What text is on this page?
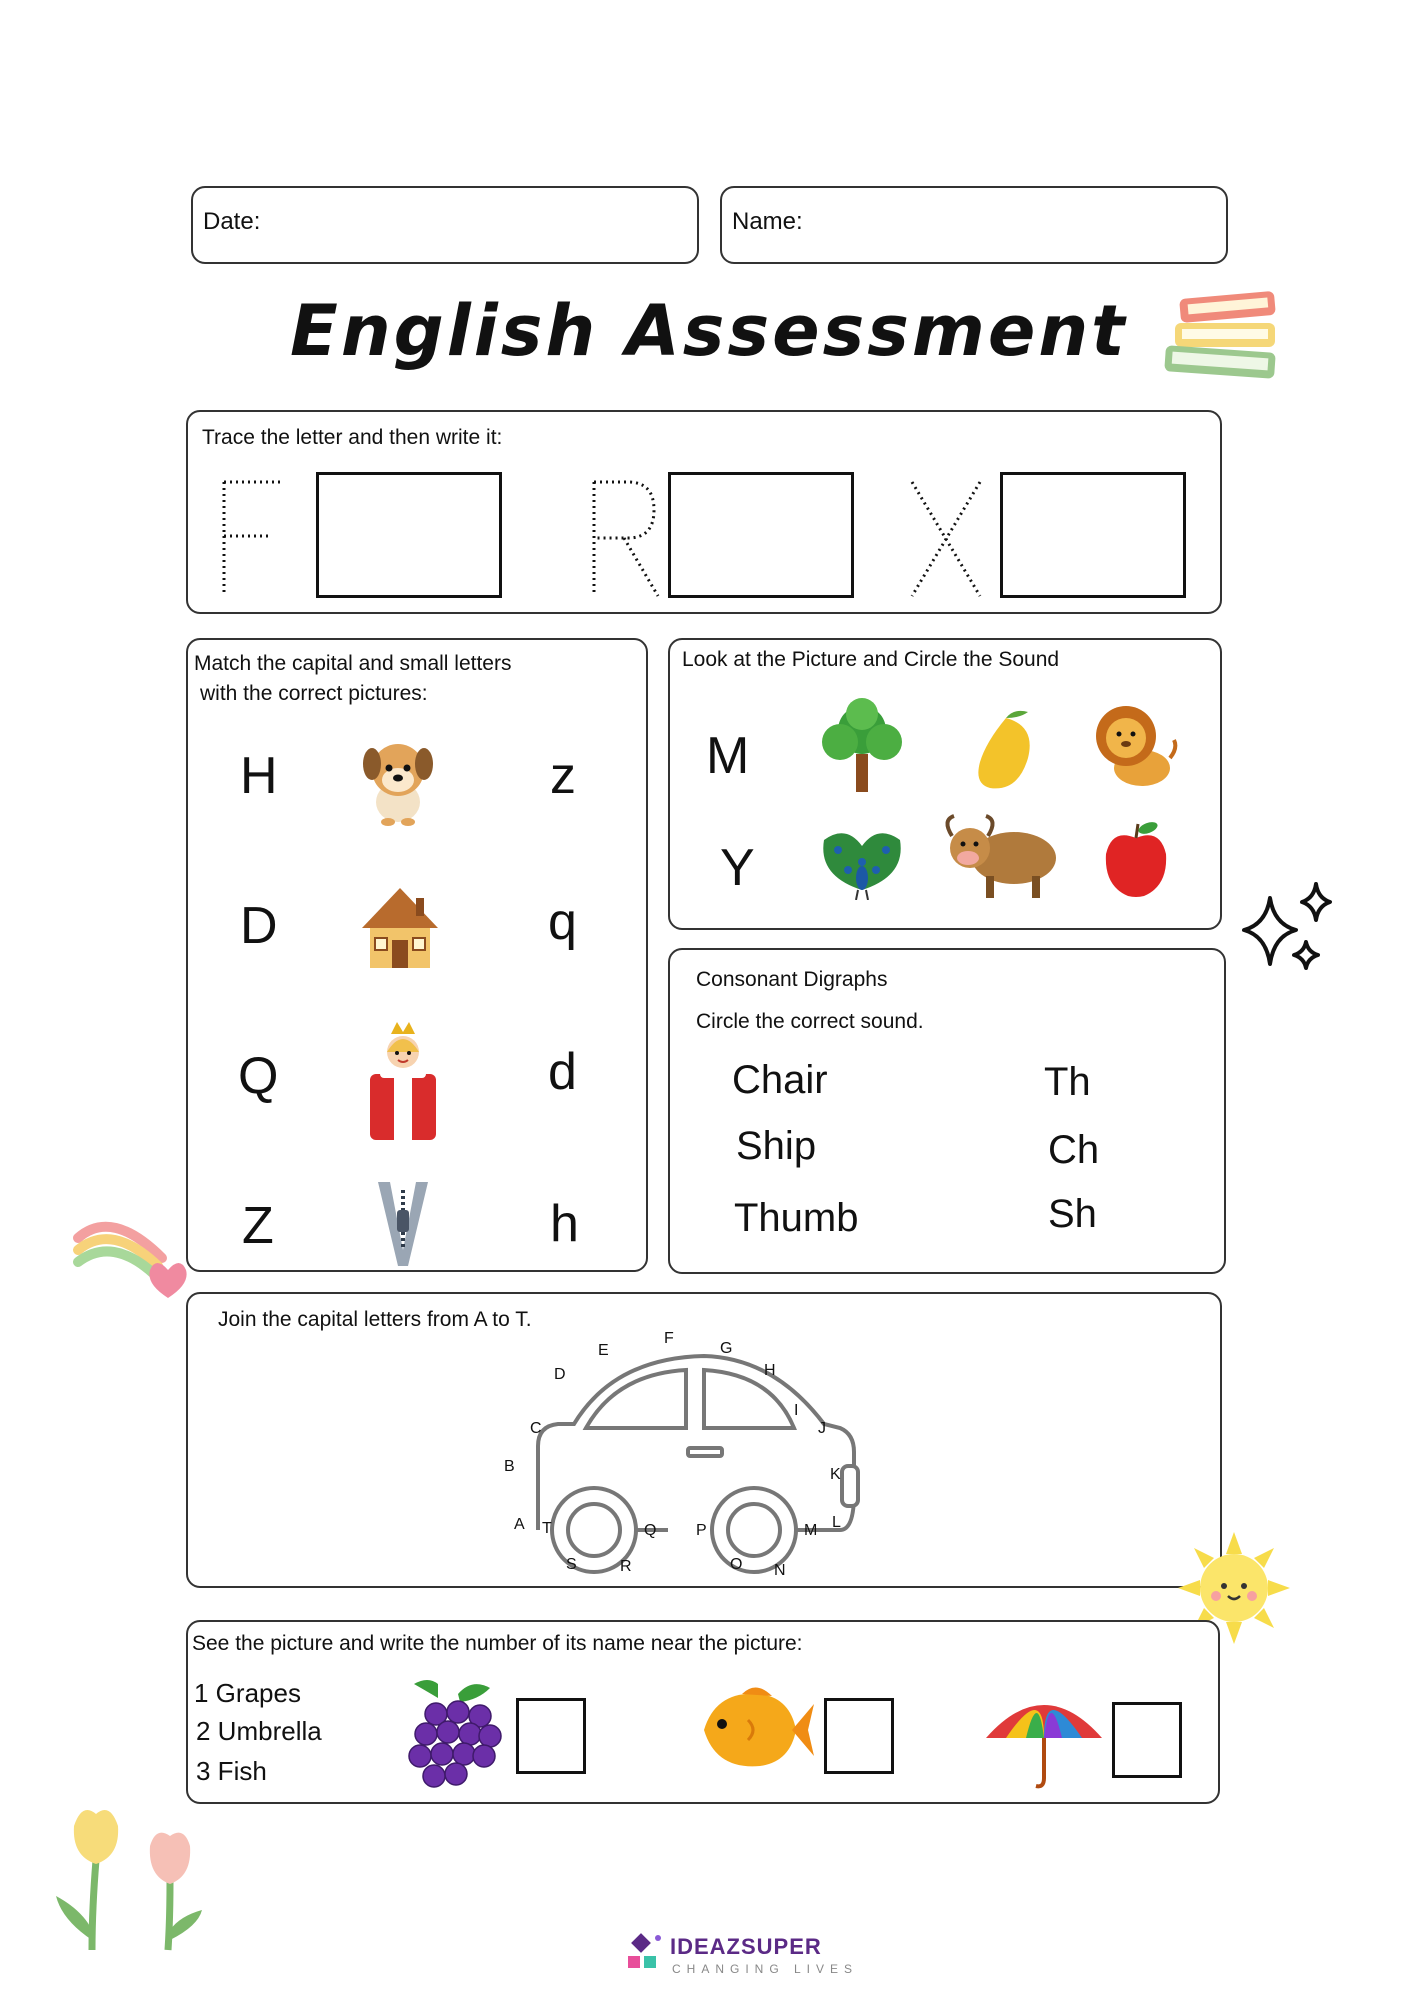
Date:	Name:
English Assessment
Trace the letter and then write it:
Match the capital and small letters
with the correct pictures:
H
D
Q
Z
z
q
d
h
Look at the Picture and Circle the Sound
M
Y
Consonant Digraphs
Circle the correct sound.
Chair
Ship
Thumb
Th
Ch
Sh
Join the capital letters from A to T.
A
B
C
D
E
F
G
H
I
J
K
L
M
N
O
P
Q
R
S
T
See the picture and write the number of its name near the picture:
1 Grapes
2 Umbrella
3 Fish
IDEAZSUPER
CHANGING LIVES
